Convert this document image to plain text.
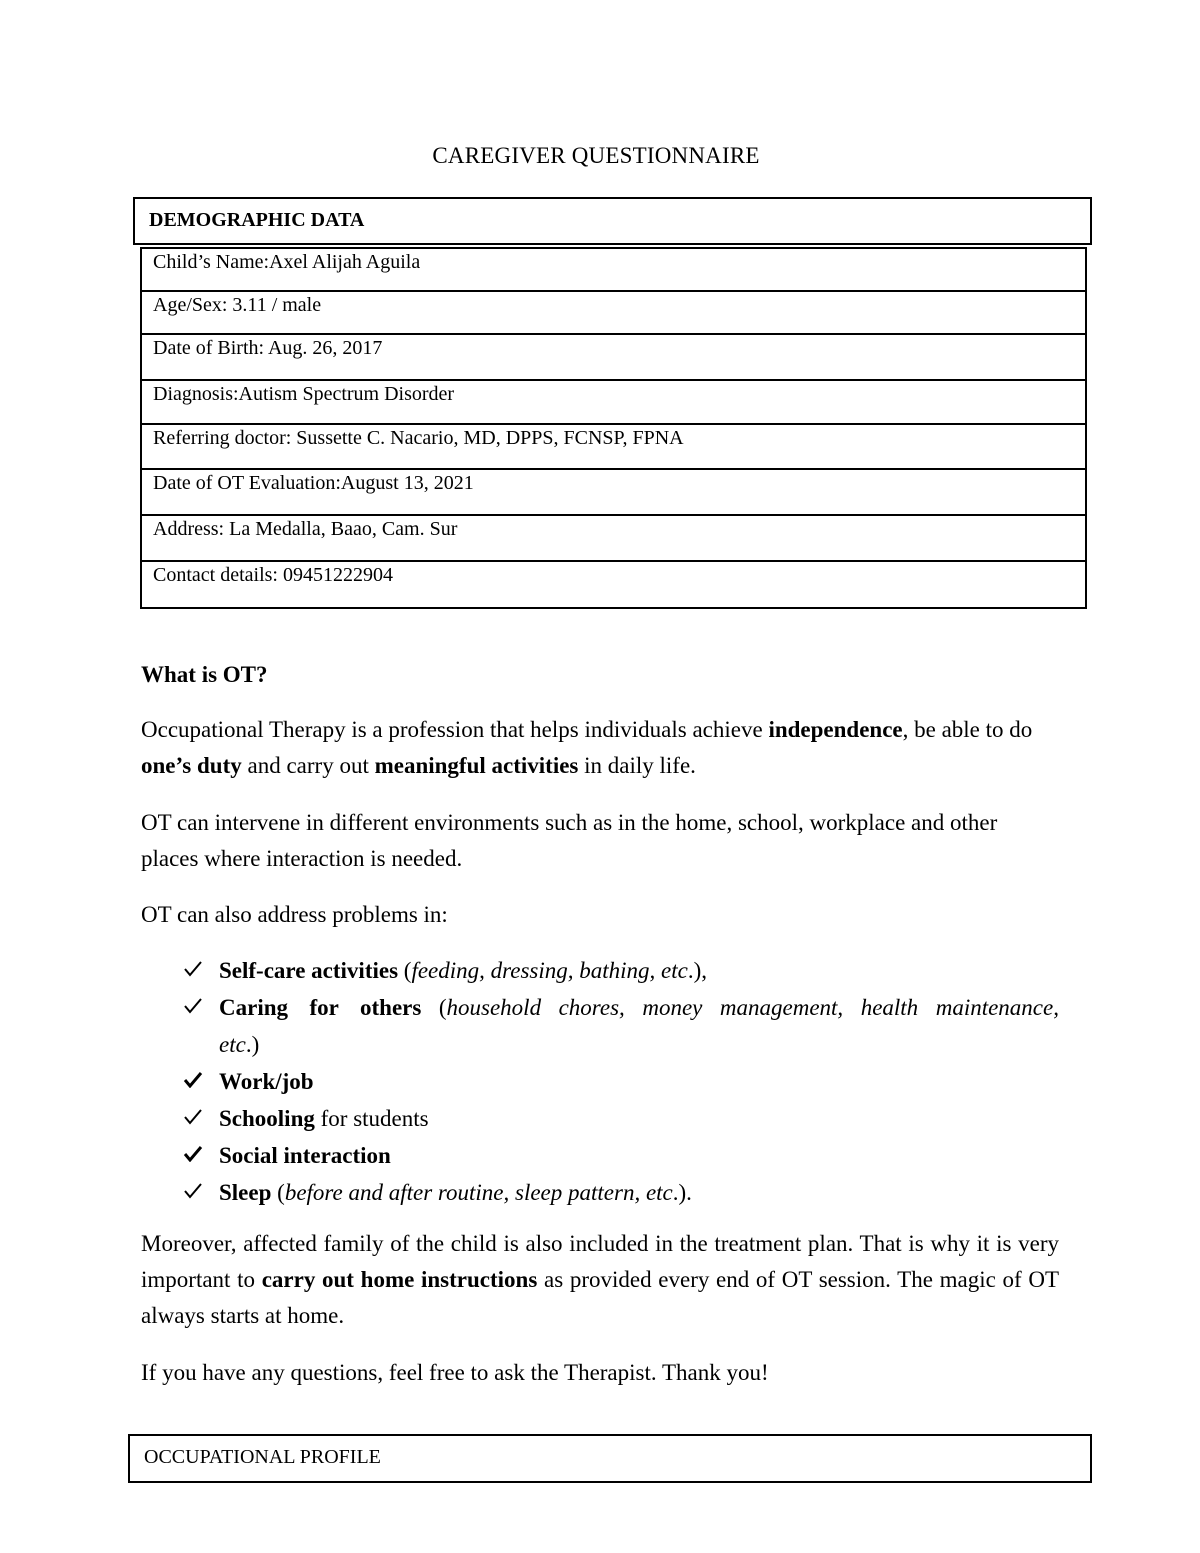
CAREGIVER QUESTIONNAIRE
DEMOGRAPHIC DATA
Child’s Name:Axel Alijah Aguila
Age/Sex: 3.11 / male
Date of Birth: Aug. 26, 2017
Diagnosis:Autism Spectrum Disorder
Referring doctor: Sussette C. Nacario, MD, DPPS, FCNSP, FPNA
Date of OT Evaluation:August 13, 2021
Address: La Medalla, Baao, Cam. Sur
Contact details: 09451222904
What is OT?
Occupational Therapy is a profession that helps individuals achieve independence, be able to do one’s duty and carry out meaningful activities in daily life.
OT can intervene in different environments such as in the home, school, workplace and other places where interaction is needed.
OT can also address problems in:
Self-care activities (feeding, dressing, bathing, etc.),
Caring for others (household chores, money management, health maintenance, etc.)
Work/job
Schooling for students
Social interaction
Sleep (before and after routine, sleep pattern, etc.).
Moreover, affected family of the child is also included in the treatment plan. That is why it is very important to carry out home instructions as provided every end of OT session. The magic of OT always starts at home.
If you have any questions, feel free to ask the Therapist. Thank you!
OCCUPATIONAL PROFILE
